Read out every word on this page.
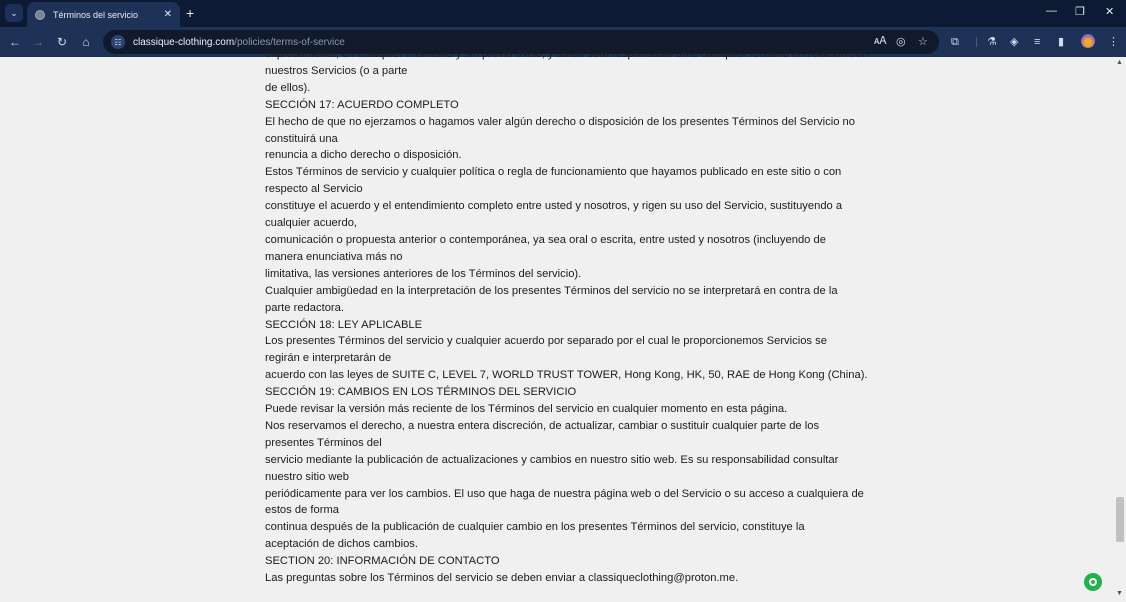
⌄	Términos del servicio	✕ +	— ❐ ✕
← → ↻	⌂	☷	classique-clothing.com /policies/terms-of-service	🗚 ◎ ☆ ⧉	⚗ ◈ ≡ ▮	⋮

expresamente, en cualquier momento y sin previo aviso, y usted será responsable ante cualquier reclamo en relación con

nuestros Servicios (o a parte

de ellos).

SECCIÓN 17: ACUERDO COMPLETO

El hecho de que no ejerzamos o hagamos valer algún derecho o disposición de los presentes Términos del Servicio no

constituirá una

renuncia a dicho derecho o disposición.

Estos Términos de servicio y cualquier política o regla de funcionamiento que hayamos publicado en este sitio o con

respecto al Servicio

constituye el acuerdo y el entendimiento completo entre usted y nosotros, y rigen su uso del Servicio, sustituyendo a

cualquier acuerdo,

comunicación o propuesta anterior o contemporánea, ya sea oral o escrita, entre usted y nosotros (incluyendo de

manera enunciativa más no

limitativa, las versiones anteriores de los Términos del servicio).

Cualquier ambigüedad en la interpretación de los presentes Términos del servicio no se interpretará en contra de la

parte redactora.

SECCIÓN 18: LEY APLICABLE

Los presentes Términos del servicio y cualquier acuerdo por separado por el cual le proporcionemos Servicios se

regirán e interpretarán de

acuerdo con las leyes de SUITE C, LEVEL 7, WORLD TRUST TOWER, Hong Kong, HK, 50, RAE de Hong Kong (China).

SECCIÓN 19: CAMBIOS EN LOS TÉRMINOS DEL SERVICIO

Puede revisar la versión más reciente de los Términos del servicio en cualquier momento en esta página.

Nos reservamos el derecho, a nuestra entera discreción, de actualizar, cambiar o sustituir cualquier parte de los

presentes Términos del

servicio mediante la publicación de actualizaciones y cambios en nuestro sitio web. Es su responsabilidad consultar

nuestro sitio web

periódicamente para ver los cambios. El uso que haga de nuestra página web o del Servicio o su acceso a cualquiera de

estos de forma

continua después de la publicación de cualquier cambio en los presentes Términos del servicio, constituye la

aceptación de dichos cambios.

SECTION 20: INFORMACIÓN DE CONTACTO

Las preguntas sobre los Términos del servicio se deben enviar a classiqueclothing@proton.me.

▲
▼
